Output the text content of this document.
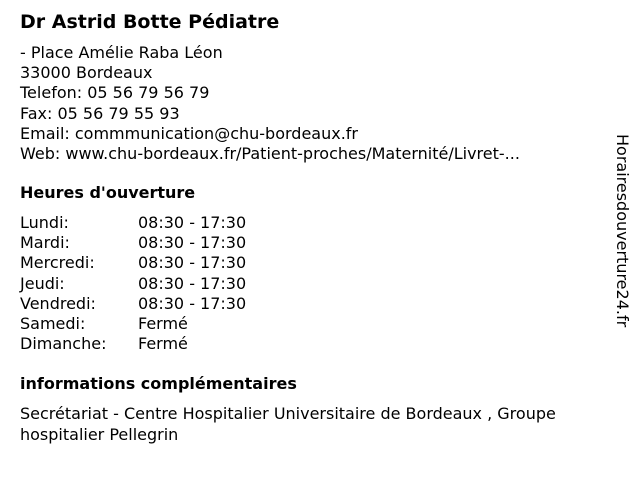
Dr Astrid Botte Pédiatre
- Place Amélie Raba Léon
33000 Bordeaux
Telefon: 05 56 79 56 79
Fax: 05 56 79 55 93
Email: commmunication@chu-bordeaux.fr
Web: www.chu-bordeaux.fr/Patient-proches/Maternité/Livret-...
Heures d'ouverture
Lundi:	08:30 - 17:30
Mardi:	08:30 - 17:30
Mercredi:	08:30 - 17:30
Jeudi:	08:30 - 17:30
Vendredi:	08:30 - 17:30
Samedi:	Fermé
Dimanche: Fermé
informations complémentaires
Secrétariat - Centre Hospitalier Universitaire de Bordeaux , Groupe hospitalier Pellegrin
Horairesdouverture24.fr
